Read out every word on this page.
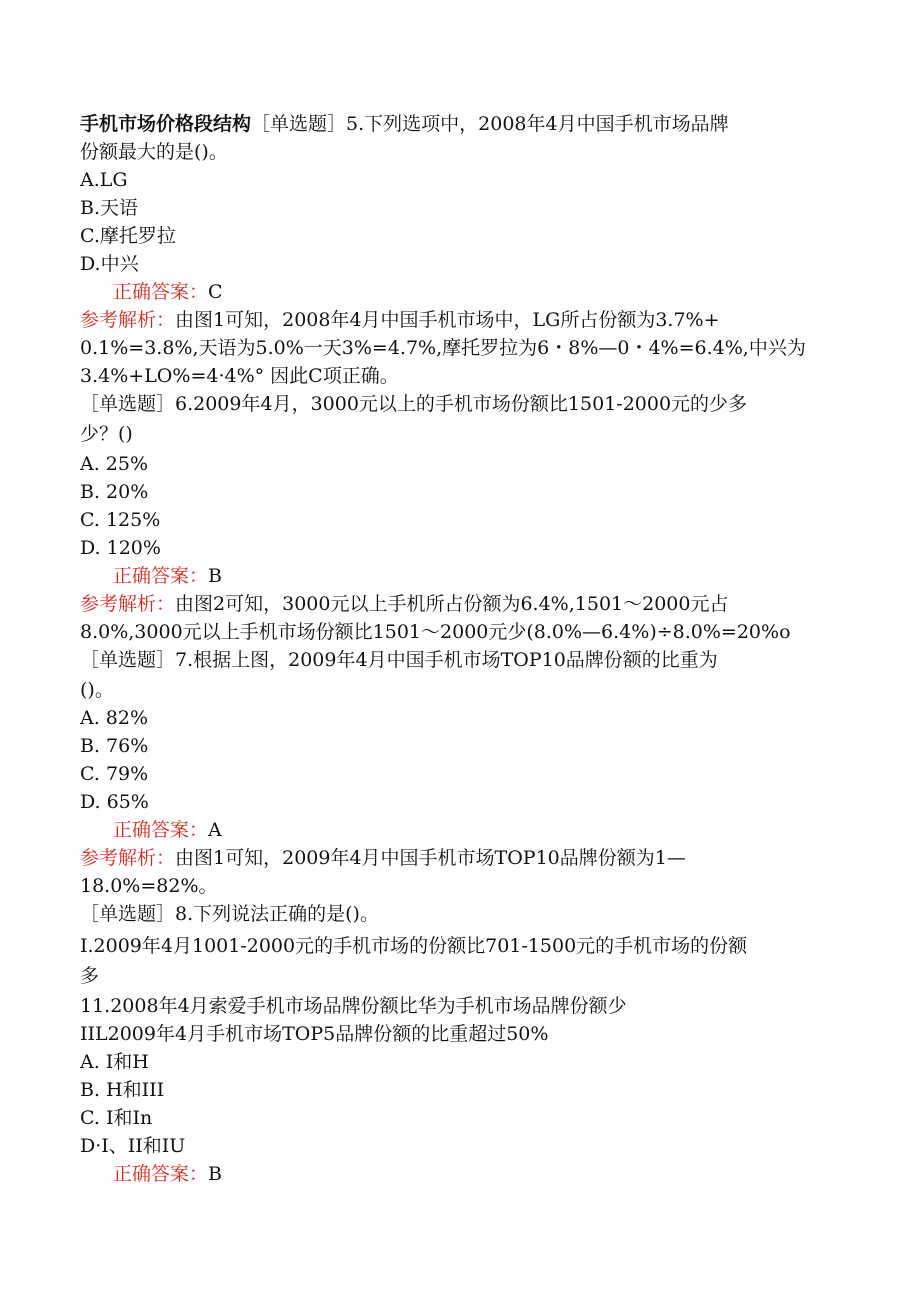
手机市场价格段结构［单选题］5.下列选项中，2008年4月中国手机市场品牌
份额最大的是()。
A.LG
B.天语
C.摩托罗拉
D.中兴
正确答案：C
参考解析：由图1可知，2008年4月中国手机市场中，LG所占份额为3.7%+
0.1%=3.8%,天语为5.0%一天3%=4.7%,摩托罗拉为6・8%—0・4%=6.4%,中兴为
3.4%+LO%=4·4%° 因此C项正确。
［单选题］6.2009年4月，3000元以上的手机市场份额比1501-2000元的少多
少？()
A. 25%
B. 20%
C. 125%
D. 120%
正确答案：B
参考解析：由图2可知，3000元以上手机所占份额为6.4%,1501～2000元占
8.0%,3000元以上手机市场份额比1501～2000元少(8.0%—6.4%)÷8.0%=20%o
［单选题］7.根据上图，2009年4月中国手机市场TOP10品牌份额的比重为
()。
A. 82%
B. 76%
C. 79%
D. 65%
正确答案：A
参考解析：由图1可知，2009年4月中国手机市场TOP10品牌份额为1—
18.0%=82%。
［单选题］8.下列说法正确的是()。
I.2009年4月1001-2000元的手机市场的份额比701-1500元的手机市场的份额
多
11.2008年4月索爱手机市场品牌份额比华为手机市场品牌份额少
IIL2009年4月手机市场TOP5品牌份额的比重超过50%
A. I和H
B. H和III
C. I和In
D·I、II和IU
正确答案：B
